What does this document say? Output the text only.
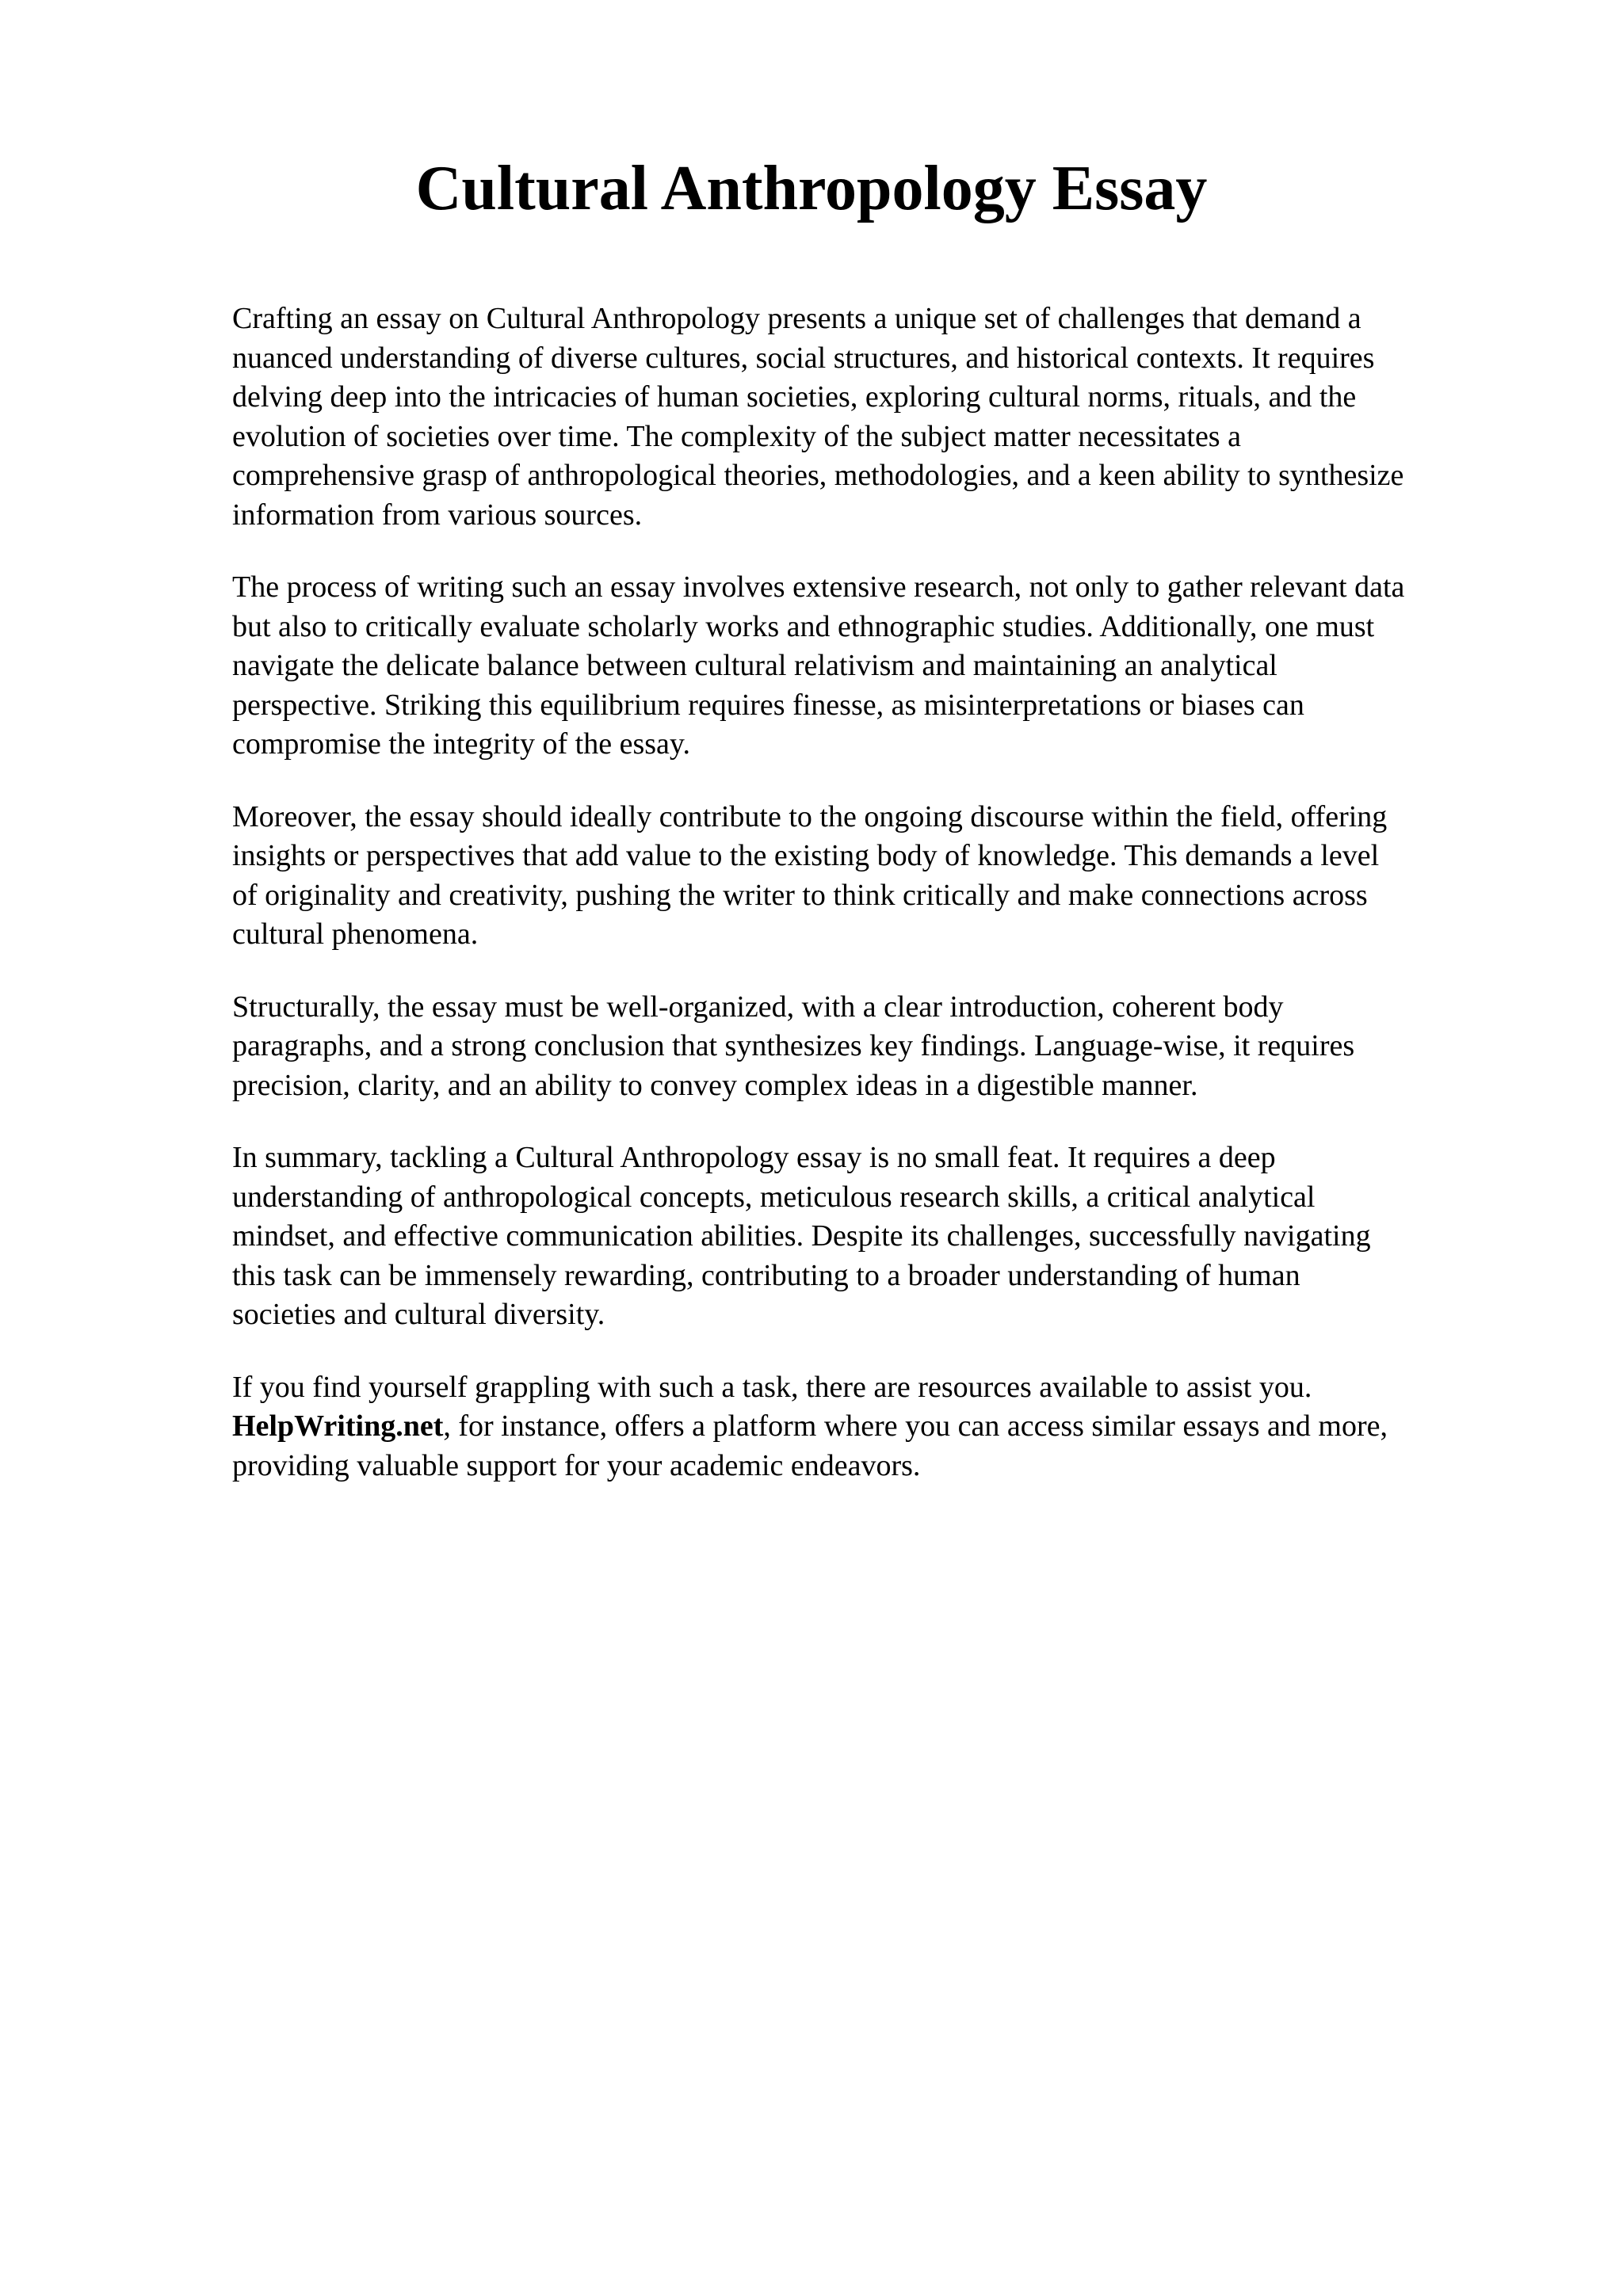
Cultural Anthropology Essay

Crafting an essay on Cultural Anthropology presents a unique set of challenges that demand a
nuanced understanding of diverse cultures, social structures, and historical contexts. It requires
delving deep into the intricacies of human societies, exploring cultural norms, rituals, and the
evolution of societies over time. The complexity of the subject matter necessitates a
comprehensive grasp of anthropological theories, methodologies, and a keen ability to synthesize
information from various sources.

The process of writing such an essay involves extensive research, not only to gather relevant data
but also to critically evaluate scholarly works and ethnographic studies. Additionally, one must
navigate the delicate balance between cultural relativism and maintaining an analytical
perspective. Striking this equilibrium requires finesse, as misinterpretations or biases can
compromise the integrity of the essay.

Moreover, the essay should ideally contribute to the ongoing discourse within the field, offering
insights or perspectives that add value to the existing body of knowledge. This demands a level
of originality and creativity, pushing the writer to think critically and make connections across
cultural phenomena.

Structurally, the essay must be well-organized, with a clear introduction, coherent body
paragraphs, and a strong conclusion that synthesizes key findings. Language-wise, it requires
precision, clarity, and an ability to convey complex ideas in a digestible manner.

In summary, tackling a Cultural Anthropology essay is no small feat. It requires a deep
understanding of anthropological concepts, meticulous research skills, a critical analytical
mindset, and effective communication abilities. Despite its challenges, successfully navigating
this task can be immensely rewarding, contributing to a broader understanding of human
societies and cultural diversity.

If you find yourself grappling with such a task, there are resources available to assist you.
HelpWriting.net, for instance, offers a platform where you can access similar essays and more,
providing valuable support for your academic endeavors.
